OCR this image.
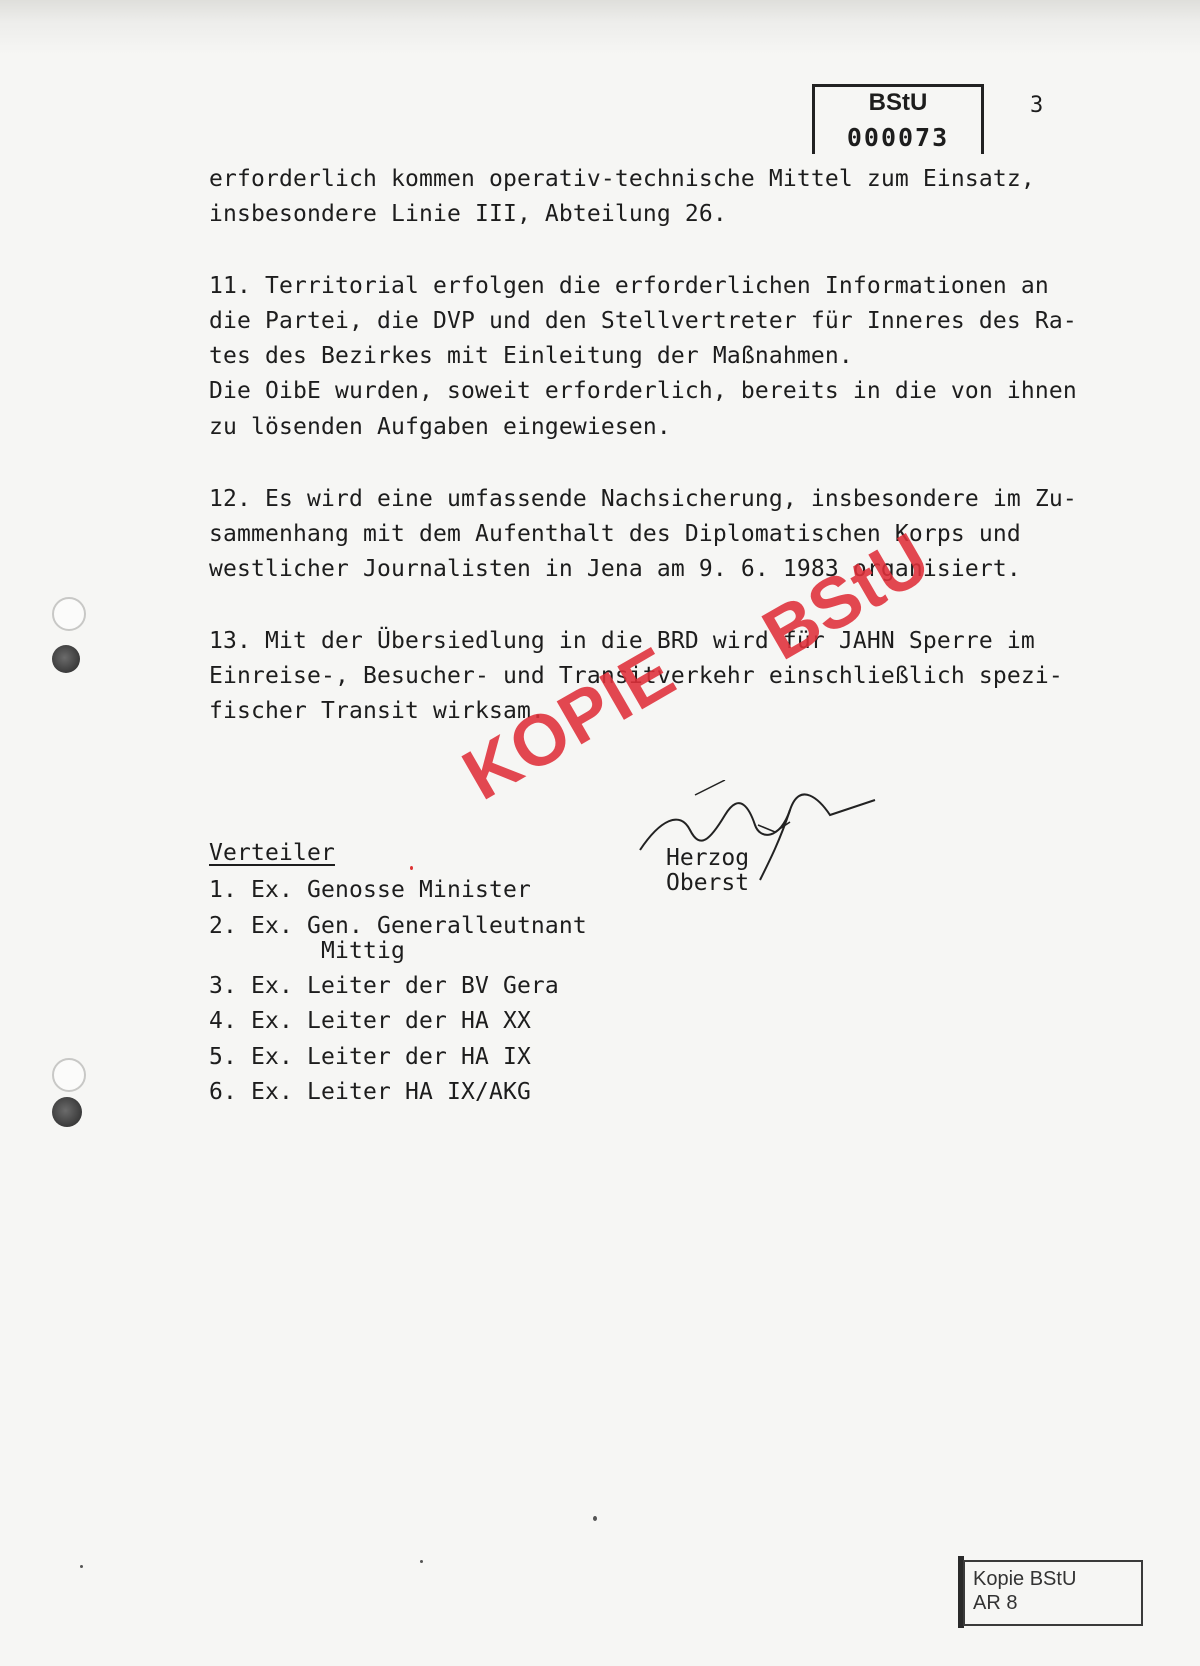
BStU
000073
3
erforderlich kommen operativ-technische Mittel zum Einsatz,
insbesondere Linie III, Abteilung 26.
11. Territorial erfolgen die erforderlichen Informationen an
die Partei, die DVP und den Stellvertreter für Inneres des Ra-
tes des Bezirkes mit Einleitung der Maßnahmen.
Die OibE wurden, soweit erforderlich, bereits in die von ihnen
zu lösenden Aufgaben eingewiesen.
12. Es wird eine umfassende Nachsicherung, insbesondere im Zu-
sammenhang mit dem Aufenthalt des Diplomatischen Korps und
westlicher Journalisten in Jena am 9. 6. 1983 organisiert.
13. Mit der Übersiedlung in die BRD wird für JAHN Sperre im
Einreise-, Besucher- und Transitverkehr einschließlich spezi-
fischer Transit wirksam.
Verteiler
1. Ex. Genosse Minister
2. Ex. Gen. Generalleutnant
Mittig
3. Ex. Leiter der BV Gera
4. Ex. Leiter der HA XX
5. Ex. Leiter der HA IX
6. Ex. Leiter HA IX/AKG
Herzog
Oberst
KOPIE
BStU
Kopie BStU
AR 8
